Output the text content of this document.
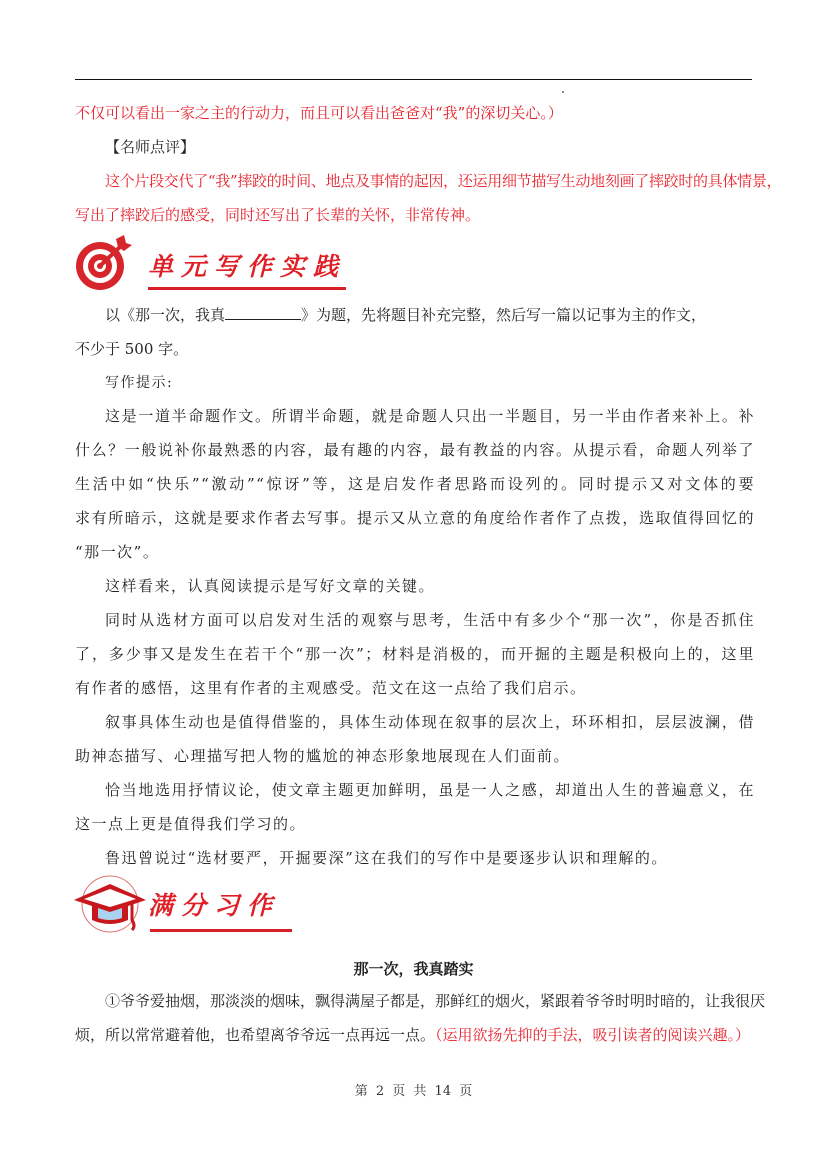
不仅可以看出一家之主的行动力，而且可以看出爸爸对“我”的深切关心。）
【名师点评】
这个片段交代了“我”摔跤的时间、地点及事情的起因，还运用细节描写生动地刻画了摔跤时的具体情景，
写出了摔跤后的感受，同时还写出了长辈的关怀，非常传神。
单元写作实践
以《那一次，我真	》为题，先将题目补充完整，然后写一篇以记事为主的作文，
不少于 500 字。
写作提示:
这是一道半命题作文。所谓半命题，就是命题人只出一半题目，另一半由作者来补上。补
什么？一般说补你最熟悉的内容，最有趣的内容，最有教益的内容。从提示看，命题人列举了
生活中如“快乐”“激动”“惊讶”等，这是启发作者思路而设列的。同时提示又对文体的要
求有所暗示，这就是要求作者去写事。提示又从立意的角度给作者作了点拨，选取值得回忆的
“那一次”。
这样看来，认真阅读提示是写好文章的关键。
同时从选材方面可以启发对生活的观察与思考，生活中有多少个“那一次”，你是否抓住
了，多少事又是发生在若干个“那一次”；材料是消极的，而开掘的主题是积极向上的，这里
有作者的感悟，这里有作者的主观感受。范文在这一点给了我们启示。
叙事具体生动也是值得借鉴的，具体生动体现在叙事的层次上，环环相扣，层层波澜，借
助神态描写、心理描写把人物的尴尬的神态形象地展现在人们面前。
恰当地选用抒情议论，使文章主题更加鲜明，虽是一人之感，却道出人生的普遍意义，在
这一点上更是值得我们学习的。
鲁迅曾说过“选材要严，开掘要深”这在我们的写作中是要逐步认识和理解的。
满分习作
那一次，我真踏实
①爷爷爱抽烟，那淡淡的烟味，飘得满屋子都是，那鲜红的烟火，紧跟着爷爷时明时暗的，让我很厌
烦，所以常常避着他，也希望离爷爷远一点再远一点。（运用欲扬先抑的手法，吸引读者的阅读兴趣。）
第 2 页 共 14 页
